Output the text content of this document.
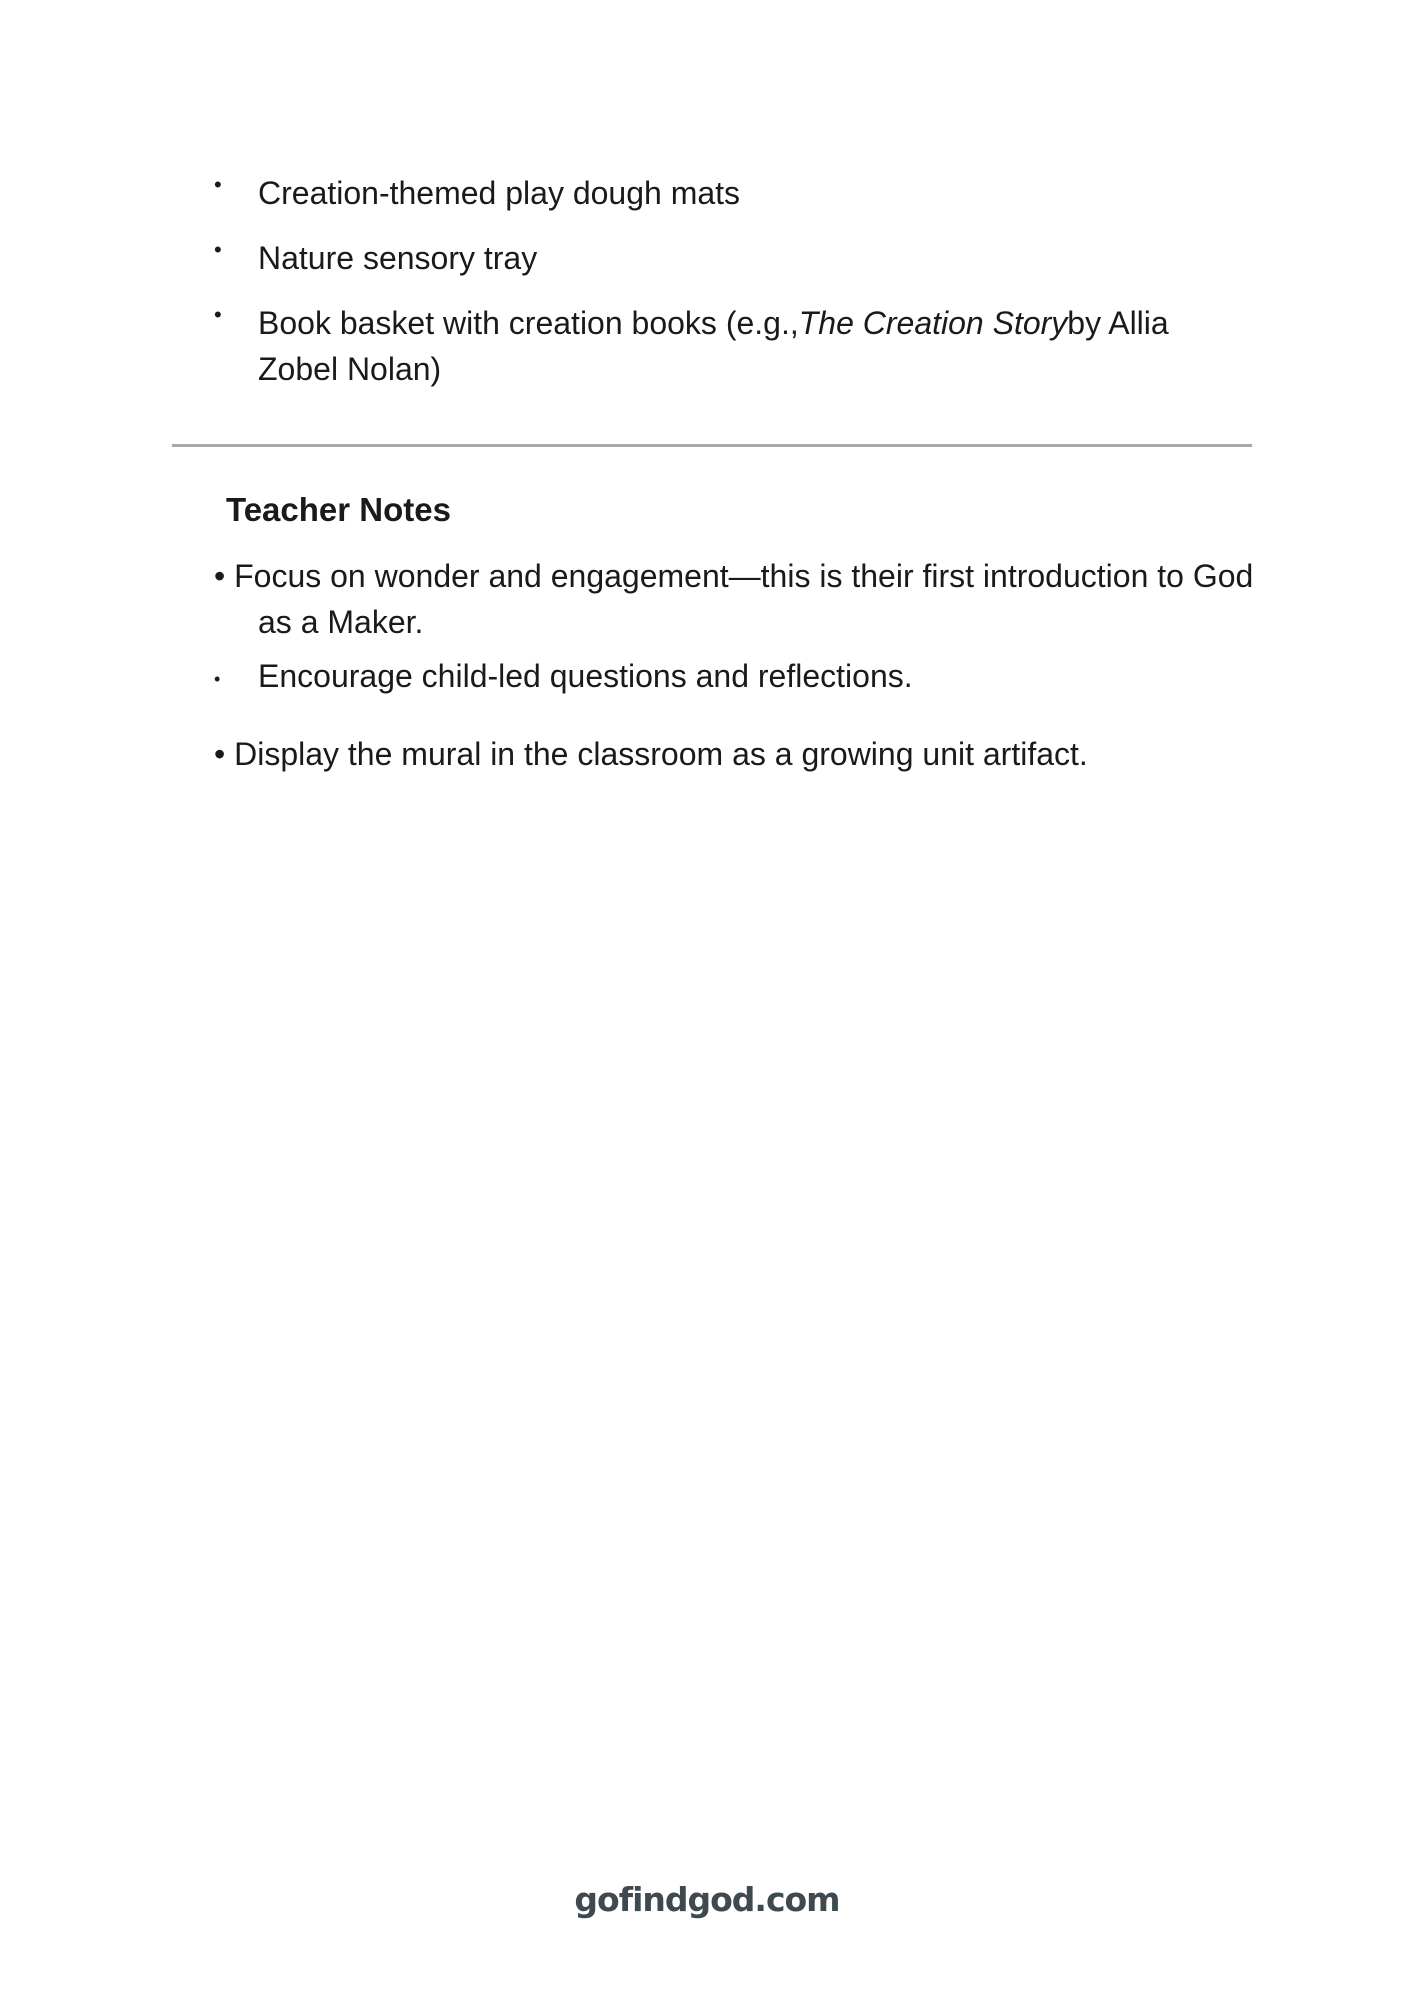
• Creation-themed play dough mats
• Nature sensory tray
• Book basket with creation books (e.g.,The Creation Storyby Allia Zobel Nolan)
Teacher Notes
• Focus on wonder and engagement—this is their first introduction to God
as a Maker.
• Encourage child-led questions and reflections.
• Display the mural in the classroom as a growing unit artifact.
gofindgod.com
